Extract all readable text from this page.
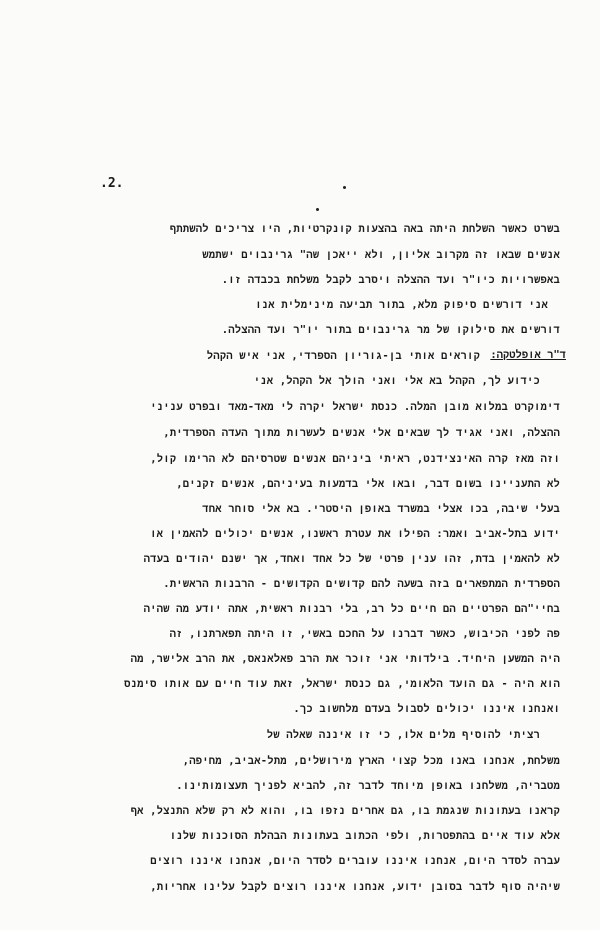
.2.
בשרט כאשר השלחת היתה באה בהצעות קונקרטיות, היו צריכים להשתתף
אנשים שבאו זה מקרוב אליון, ולא ייאכן שה" גרינבוים ישתמש
באפשרויות כיו"ר ועד ההצלה ויסרב לקבל משלחת בכבדה זו.
אני דורשים סיפוק מלא, בתור תביעה מינימלית אנו
דורשים את סילוקו של מר גרינבוים בתור יו"ר ועד ההצלה.
ד"ר אופלטקה:
קוראים אותי בן-גוריון הספרדי, אני איש הקהל
כידוע לך, הקהל בא אלי ואני הולך אל הקהל, אני
דימוקרט במלוא מובן המלה. כנסת ישראל יקרה לי מאד-מאד ובפרט עניני
ההצלה, ואני אגיד לך שבאים אלי אנשים לעשרות מתוך העדה הספרדית,
וזה מאז קרה האינצידנט, ראיתי ביניהם אנשים שטרסיהם לא הרימו קול,
לא התעניינו בשום דבר, ובאו אלי בדמעות בעיניהם, אנשים זקנים,
בעלי שיבה, בכו אצלי במשרד באופן היסטרי. בא אלי סוחר אחד
ידוע בתל-אביב ואמר: הפילו את עטרת ראשנו, אנשים יכולים להאמין או
לא להאמין בדת, זהו ענין פרטי של כל אחד ואחד, אך ישנם יהודים בעדה
הספרדית המתפארים בזה בשעה להם קדושים הקדושים - הרבנות הראשית.
בחיי"הם הפרטיים הם חיים כל רב, בלי רבנות ראשית, אתה יודע מה שהיה
פה לפני הכיבוש, כאשר דברנו על החכם באשי, זו היתה תפארתנו, זה
היה המשען היחיד. בילדותי אני זוכר את הרב פאלאנאס, את הרב אלישר, מה
הוא היה - גם הועד הלאומי, גם כנסת ישראל, זאת עוד חיים עם אותו סימנס
ואנחנו איננו יכולים לסבול בעדם מלחשוב כך.
רציתי להוסיף מלים אלו, כי זו איננה שאלה של
משלחת, אנחנו באנו מכל קצוי הארץ מירושלים, מתל-אביב, מחיפה,
מטבריה, משלחנו באופן מיוחד לדבר זה, להביא לפניך תעצומותינו.
קראנו בעתונות שנגמת בו, גם אחרים נזפו בו, והוא לא רק שלא התנצל, אף
אלא עוד איים בהתפטרות, ולפי הכתוב בעתונות הבהלת הסוכנות שלנו
עברה לסדר היום, אנחנו איננו עוברים לסדר היום, אנחנו איננו רוצים
שיהיה סוף לדבר בסובן ידוע, אנחנו איננו רוצים לקבל עלינו אחריות,
